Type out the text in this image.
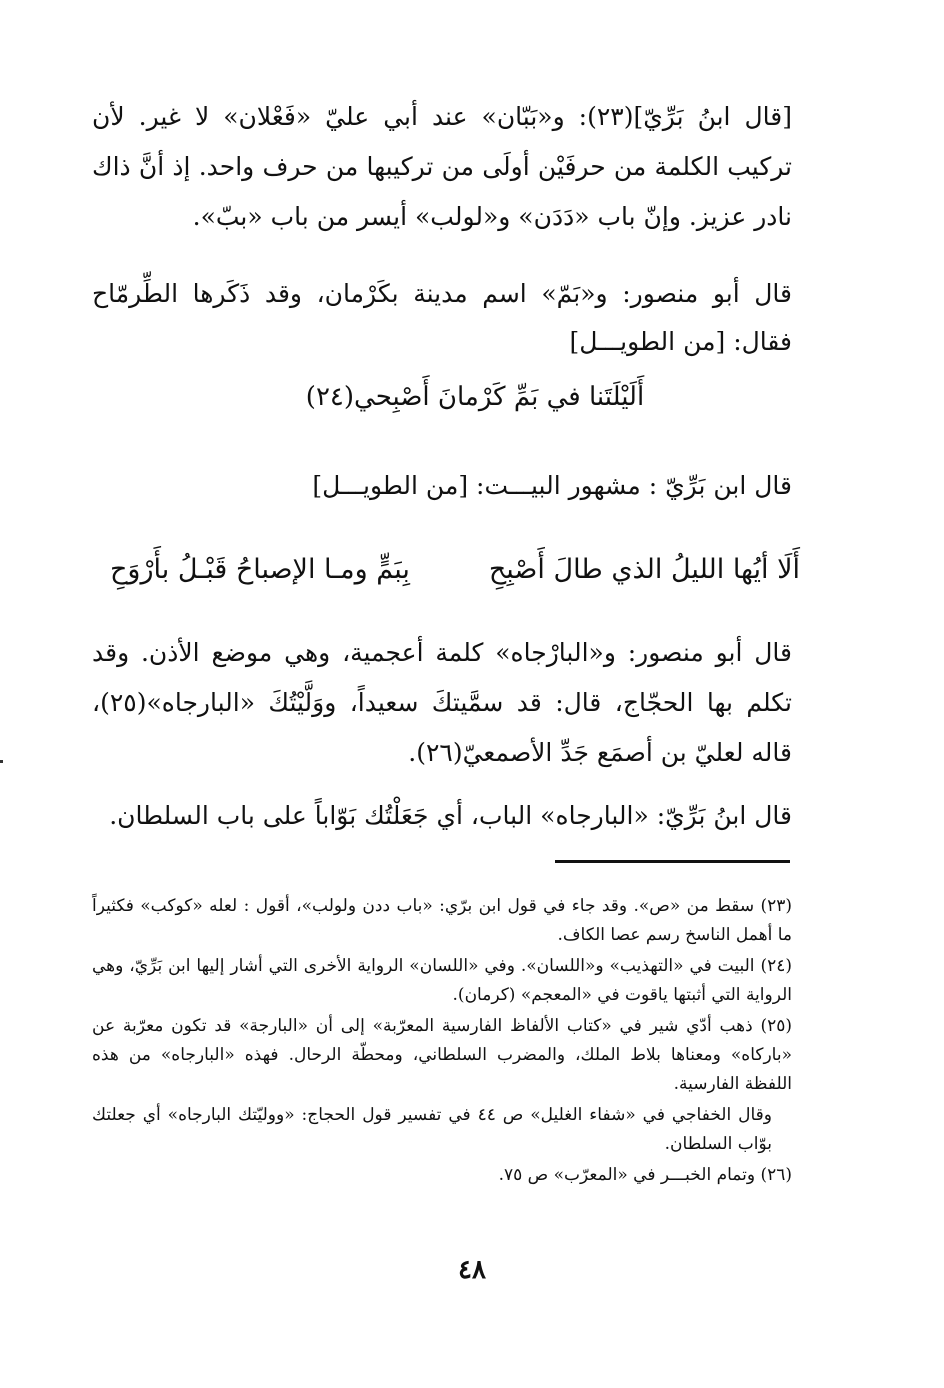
[قال ابنُ بَرِّيّ](٢٣): و«بَبّان» عند أبي عليّ «فَعْلان» لا غير. لأن تركيب الكلمة من حرفَيْن أولَى من تركيبها من حرف واحد. إذ أنَّ ذاك نادر عزيز. وإنّ باب «دَدَن» و«لولب» أيسر من باب «ببّ».

قال أبو منصور: و«بَمّ» اسم مدينة بكَرْمان، وقد ذَكَرها الطِّرمّاح فقال: [من الطويـــل]

أَلَيْلَتَنا في بَمِّ كَرْمانَ أَصْبِحي(٢٤)
قال ابن بَرِّيّ : مشهور البيـــت: [من الطويـــل]
أَلَا أيُها الليلُ الذي طالَ أَصْبِحِ
بِبَمٍّ ومـا الإصباحُ قَبْـلُ بأَرْوَحِ

قال أبو منصور: و«البارْجاه» كلمة أعجمية، وهي موضع الأذن. وقد تكلم بها الحجّاج، قال: قد سمَّيتكَ سعيداً، ووَلَّيْتُكَ «البارجاه»(٢٥)، قاله لعليّ بن أصمَع جَدِّ الأصمعيّ(٢٦).

قال ابنُ بَرِّيّ: «البارجاه» الباب، أي جَعَلْتُك بَوّاباً على باب السلطان.

(٢٣) سقط من «ص». وقد جاء في قول ابن برّي: «باب ددن ولولب»، أقول : لعله «كوكب» فكثيراً ما أهمل الناسخ رسم عصا الكاف.

(٢٤) البيت في «التهذيب» و«اللسان». وفي «اللسان» الرواية الأخرى التي أشار إليها ابن بَرِّيّ، وهي الرواية التي أثبتها ياقوت في «المعجم» (كرمان).

(٢٥) ذهب أدّي شير في «كتاب الألفاظ الفارسية المعرّبة» إلى أن «البارجة» قد تكون معرّبة عن «باركاه» ومعناها بلاط الملك، والمضرب السلطاني، ومحطّة الرحال. فهذه «البارجاه» من هذه اللفظة الفارسية.

وقال الخفاجي في «شفاء الغليل» ص ٤٤ في تفسير قول الحجاج: «ووليّتك البارجاه» أي جعلتك بوّاب السلطان.

(٢٦) وتمام الخبـــر في «المعرّب» ص ٧٥.

٤٨
